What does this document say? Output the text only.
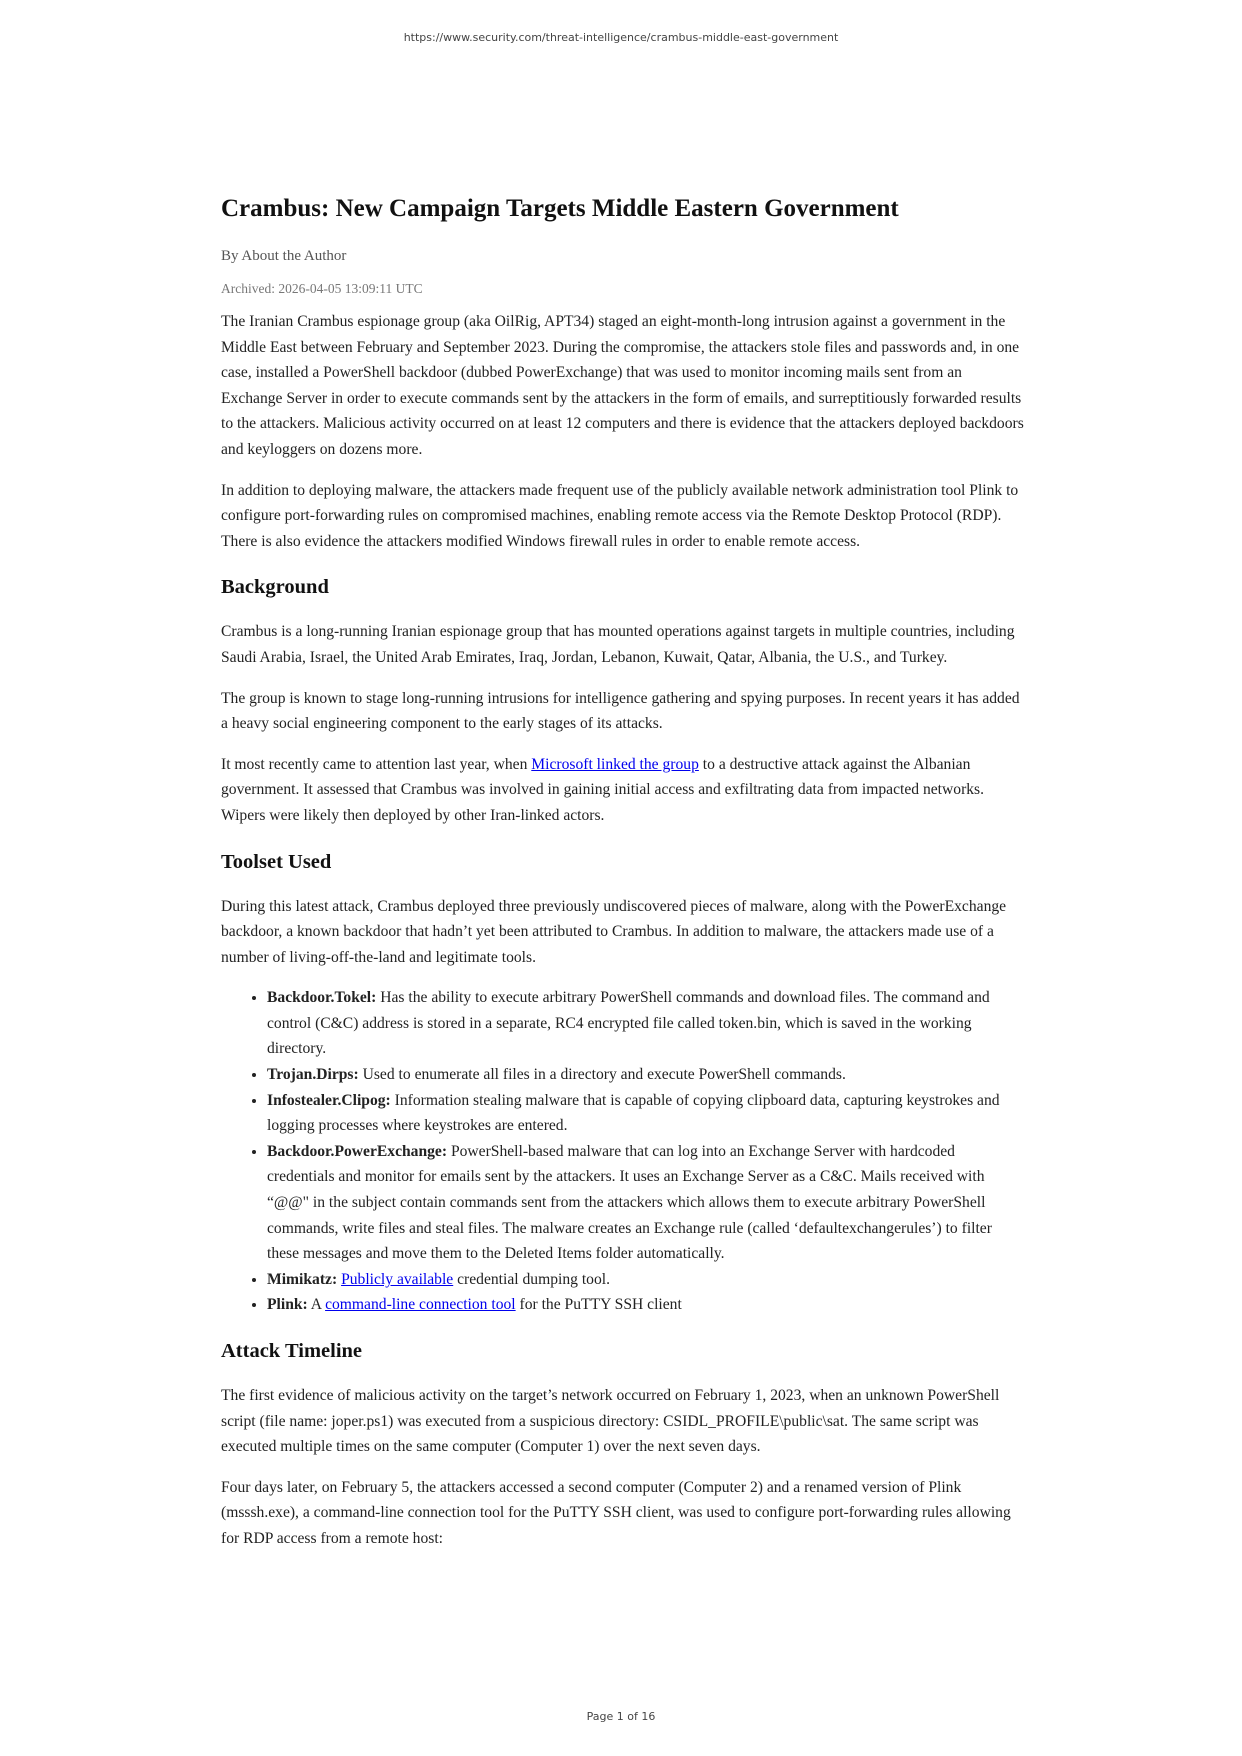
https://www.security.com/threat-intelligence/crambus-middle-east-government
Crambus: New Campaign Targets Middle Eastern Government
By About the Author
Archived: 2026-04-05 13:09:11 UTC

The Iranian Crambus espionage group (aka OilRig, APT34) staged an eight-month-long intrusion against a government in the Middle East between February and September 2023. During the compromise, the attackers stole files and passwords and, in one case, installed a PowerShell backdoor (dubbed PowerExchange) that was used to monitor incoming mails sent from an Exchange Server in order to execute commands sent by the attackers in the form of emails, and surreptitiously forwarded results to the attackers. Malicious activity occurred on at least 12 computers and there is evidence that the attackers deployed backdoors and keyloggers on dozens more.

In addition to deploying malware, the attackers made frequent use of the publicly available network administration tool Plink to configure port-forwarding rules on compromised machines, enabling remote access via the Remote Desktop Protocol (RDP). There is also evidence the attackers modified Windows firewall rules in order to enable remote access.

Background

Crambus is a long-running Iranian espionage group that has mounted operations against targets in multiple countries, including Saudi Arabia, Israel, the United Arab Emirates, Iraq, Jordan, Lebanon, Kuwait, Qatar, Albania, the U.S., and Turkey.

The group is known to stage long-running intrusions for intelligence gathering and spying purposes. In recent years it has added a heavy social engineering component to the early stages of its attacks.

It most recently came to attention last year, when Microsoft linked the group to a destructive attack against the Albanian government. It assessed that Crambus was involved in gaining initial access and exfiltrating data from impacted networks. Wipers were likely then deployed by other Iran-linked actors.

Toolset Used

During this latest attack, Crambus deployed three previously undiscovered pieces of malware, along with the PowerExchange backdoor, a known backdoor that hadn’t yet been attributed to Crambus. In addition to malware, the attackers made use of a number of living-off-the-land and legitimate tools.

• Backdoor.Tokel: Has the ability to execute arbitrary PowerShell commands and download files. The command and control (C&C) address is stored in a separate, RC4 encrypted file called token.bin, which is saved in the working directory.
• Trojan.Dirps: Used to enumerate all files in a directory and execute PowerShell commands.
• Infostealer.Clipog: Information stealing malware that is capable of copying clipboard data, capturing keystrokes and logging processes where keystrokes are entered.
• Backdoor.PowerExchange: PowerShell-based malware that can log into an Exchange Server with hardcoded credentials and monitor for emails sent by the attackers. It uses an Exchange Server as a C&C. Mails received with “@@" in the subject contain commands sent from the attackers which allows them to execute arbitrary PowerShell commands, write files and steal files. The malware creates an Exchange rule (called ‘defaultexchangerules’) to filter these messages and move them to the Deleted Items folder automatically.
• Mimikatz: Publicly available credential dumping tool.
• Plink: A command-line connection tool for the PuTTY SSH client
Attack Timeline

The first evidence of malicious activity on the target’s network occurred on February 1, 2023, when an unknown PowerShell script (file name: joper.ps1) was executed from a suspicious directory: CSIDL_PROFILE\public\sat. The same script was executed multiple times on the same computer (Computer 1) over the next seven days.

Four days later, on February 5, the attackers accessed a second computer (Computer 2) and a renamed version of Plink (msssh.exe), a command-line connection tool for the PuTTY SSH client, was used to configure port-forwarding rules allowing for RDP access from a remote host:

Page 1 of 16
